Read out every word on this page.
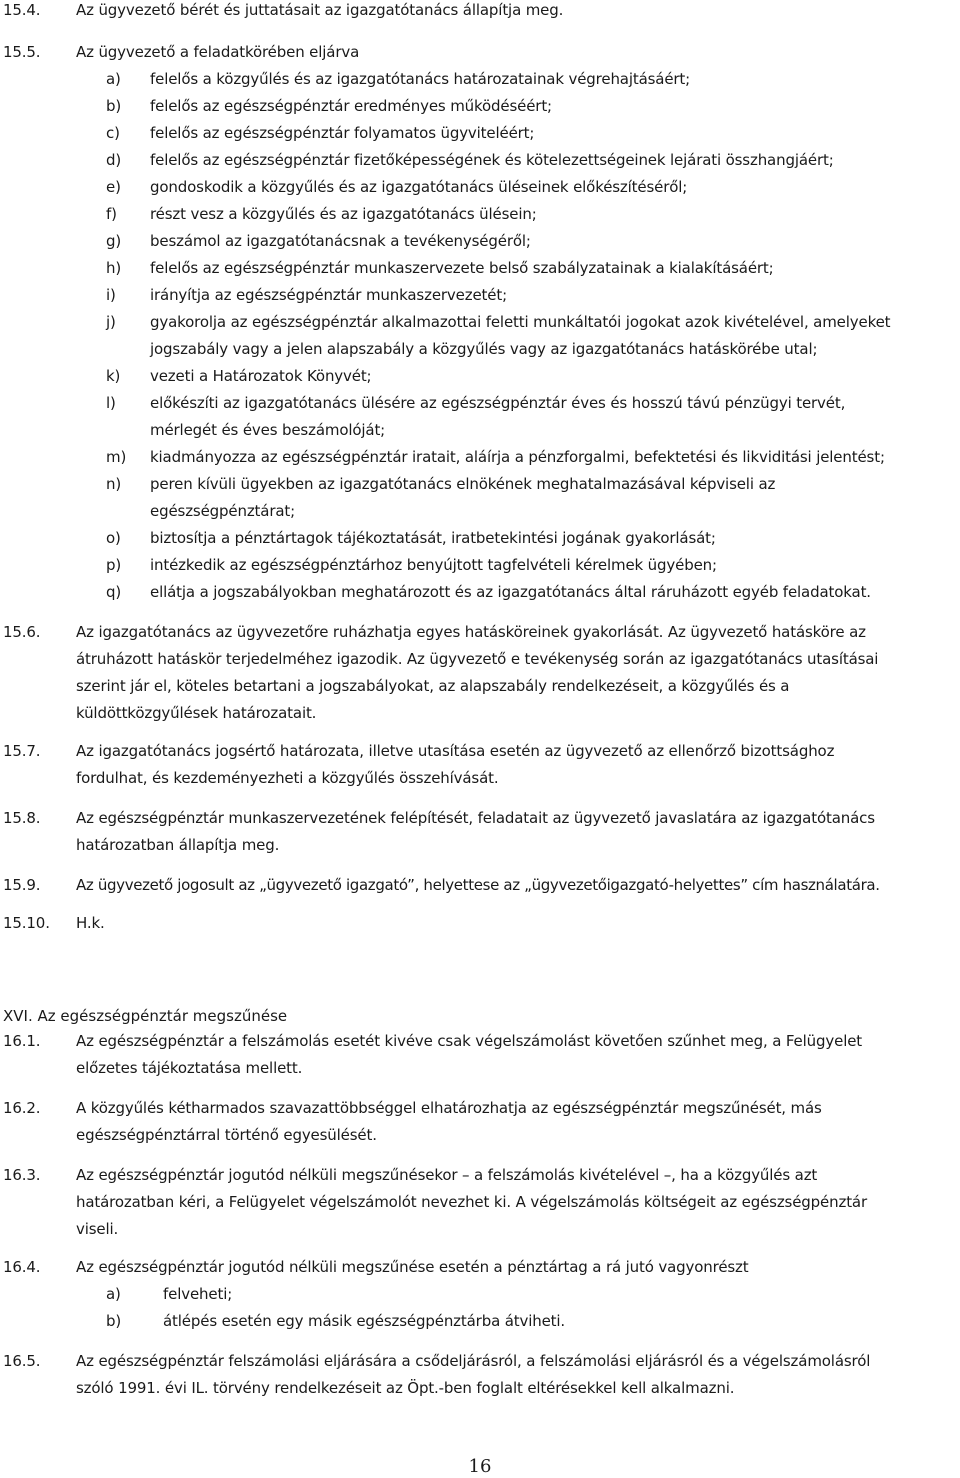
15.4. Az ügyvezető bérét és juttatásait az igazgatótanács állapítja meg.

15.5. Az ügyvezető a feladatkörében eljárva

a) felelős a közgyűlés és az igazgatótanács határozatainak végrehajtásáért;

b) felelős az egészségpénztár eredményes működéséért;

c) felelős az egészségpénztár folyamatos ügyviteléért;

d) felelős az egészségpénztár fizetőképességének és kötelezettségeinek lejárati összhangjáért;

e) gondoskodik a közgyűlés és az igazgatótanács üléseinek előkészítéséről;

f) részt vesz a közgyűlés és az igazgatótanács ülésein;

g) beszámol az igazgatótanácsnak a tevékenységéről;

h) felelős az egészségpénztár munkaszervezete belső szabályzatainak a kialakításáért;

i) irányítja az egészségpénztár munkaszervezetét;

j) gyakorolja az egészségpénztár alkalmazottai feletti munkáltatói jogokat azok kivételével, amelyeket

jogszabály vagy a jelen alapszabály a közgyűlés vagy az igazgatótanács hatáskörébe utal;

k) vezeti a Határozatok Könyvét;

l) előkészíti az igazgatótanács ülésére az egészségpénztár éves és hosszú távú pénzügyi tervét,

mérlegét és éves beszámolóját;

m) kiadmányozza az egészségpénztár iratait, aláírja a pénzforgalmi, befektetési és likviditási jelentést;

n) peren kívüli ügyekben az igazgatótanács elnökének meghatalmazásával képviseli az

egészségpénztárat;

o) biztosítja a pénztártagok tájékoztatását, iratbetekintési jogának gyakorlását;

p) intézkedik az egészségpénztárhoz benyújtott tagfelvételi kérelmek ügyében;

q) ellátja a jogszabályokban meghatározott és az igazgatótanács által ráruházott egyéb feladatokat.

15.6. Az igazgatótanács az ügyvezetőre ruházhatja egyes hatásköreinek gyakorlását. Az ügyvezető hatásköre az

átruházott hatáskör terjedelméhez igazodik. Az ügyvezető e tevékenység során az igazgatótanács utasításai

szerint jár el, köteles betartani a jogszabályokat, az alapszabály rendelkezéseit, a közgyűlés és a

küldöttközgyűlések határozatait.

15.7. Az igazgatótanács jogsértő határozata, illetve utasítása esetén az ügyvezető az ellenőrző bizottsághoz

fordulhat, és kezdeményezheti a közgyűlés összehívását.

15.8. Az egészségpénztár munkaszervezetének felépítését, feladatait az ügyvezető javaslatára az igazgatótanács

határozatban állapítja meg.

15.9. Az ügyvezető jogosult az „ügyvezető igazgató”, helyettese az „ügyvezetőigazgató-helyettes” cím használatára.

15.10. H.k.

XVI. Az egészségpénztár megszűnése

16.1. Az egészségpénztár a felszámolás esetét kivéve csak végelszámolást követően szűnhet meg, a Felügyelet

előzetes tájékoztatása mellett.

16.2. A közgyűlés kétharmados szavazattöbbséggel elhatározhatja az egészségpénztár megszűnését, más

egészségpénztárral történő egyesülését.

16.3. Az egészségpénztár jogutód nélküli megszűnésekor – a felszámolás kivételével –, ha a közgyűlés azt

határozatban kéri, a Felügyelet végelszámolót nevezhet ki. A végelszámolás költségeit az egészségpénztár

viseli.

16.4. Az egészségpénztár jogutód nélküli megszűnése esetén a pénztártag a rá jutó vagyonrészt

a)	felveheti;

b)	átlépés esetén egy másik egészségpénztárba átviheti.

16.5. Az egészségpénztár felszámolási eljárására a csődeljárásról, a felszámolási eljárásról és a végelszámolásról

szóló 1991. évi IL. törvény rendelkezéseit az Öpt.-ben foglalt eltérésekkel kell alkalmazni.

16
